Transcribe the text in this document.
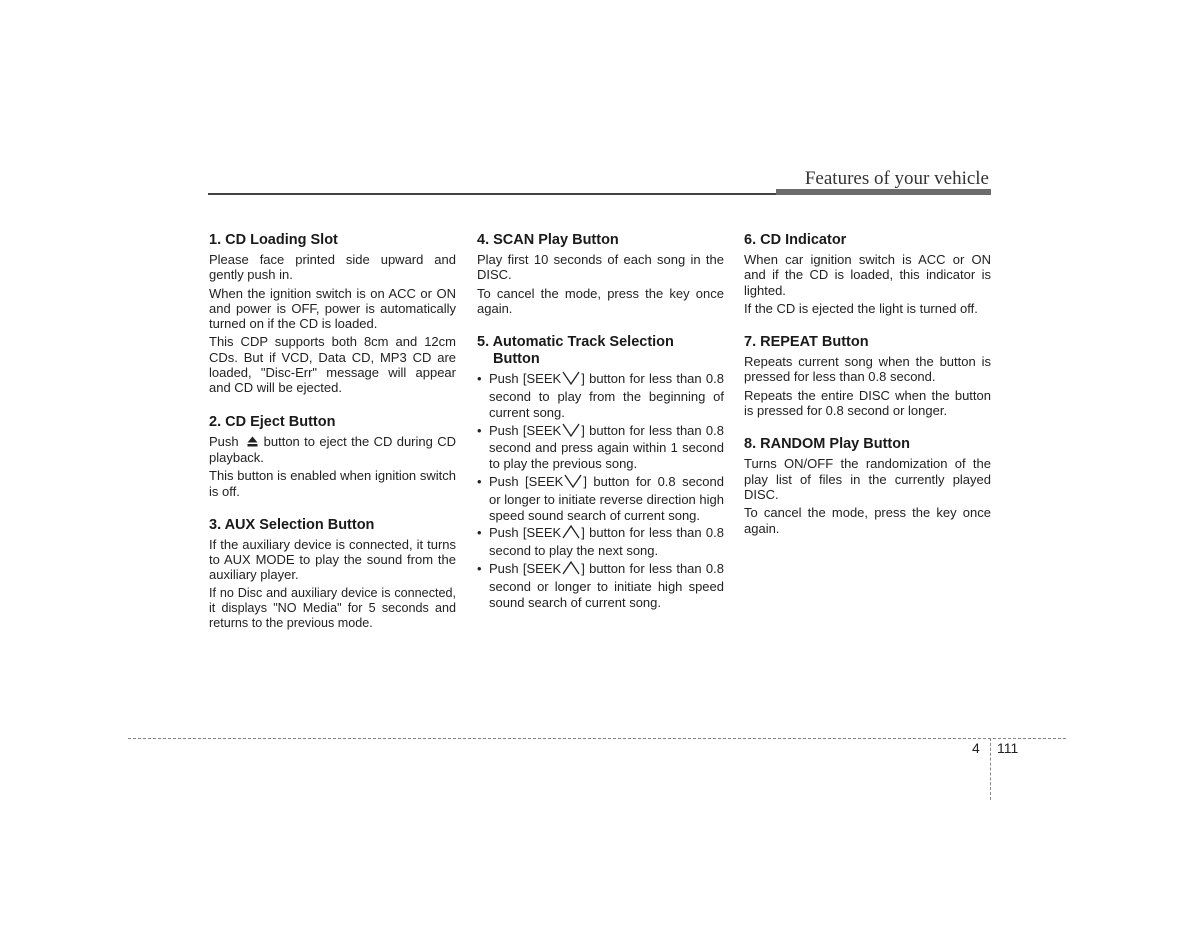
Features of your vehicle
1. CD Loading Slot

Please face printed side upward and gently push in.

When the ignition switch is on ACC or ON and power is OFF, power is automatically turned on if the CD is loaded.

This CDP supports both 8cm and 12cm CDs. But if VCD, Data CD, MP3 CD are loaded, "Disc-Err" message will appear and CD will be ejected.

2. CD Eject Button

Push button to eject the CD during CD playback.

This button is enabled when ignition switch is off.

3. AUX Selection Button

If the auxiliary device is connected, it turns to AUX MODE to play the sound from the auxiliary player.

If no Disc and auxiliary device is connected, it displays "NO Media" for 5 seconds and returns to the previous mode.

4. SCAN Play Button

Play first 10 seconds of each song in the DISC.

To cancel the mode, press the key once again.

5. Automatic Track Selection
Button
• Push [SEEK ] button for less than 0.8 second to play from the beginning of current song.
• Push [SEEK ] button for less than 0.8 second and press again within 1 second to play the previous song.
• Push [SEEK ] button for 0.8 second or longer to initiate reverse direction high speed sound search of current song.
• Push [SEEK ] button for less than 0.8 second to play the next song.
• Push [SEEK ] button for less than 0.8 second or longer to initiate high speed sound search of current song.
6. CD Indicator

When car ignition switch is ACC or ON and if the CD is loaded, this indicator is lighted.

If the CD is ejected the light is turned off.

7. REPEAT Button

Repeats current song when the button is pressed for less than 0.8 second.

Repeats the entire DISC when the button is pressed for 0.8 second or longer.

8. RANDOM Play Button

Turns ON/OFF the randomization of the play list of files in the currently played DISC.

To cancel the mode, press the key once again.

4 111
